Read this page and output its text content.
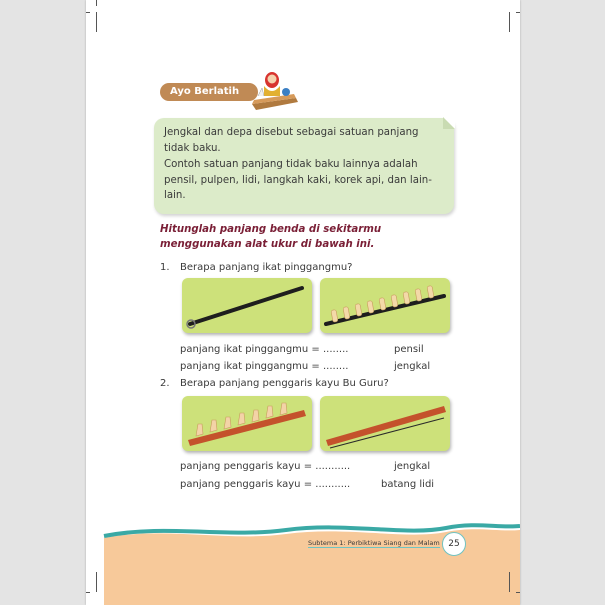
Ayo Berlatih

Jengkal dan depa disebut sebagai satuan panjang tidak baku.

Contoh satuan panjang tidak baku lainnya adalah pensil, pulpen, lidi, langkah kaki, korek api, dan lain-lain.

Hitunglah panjang benda di sekitarmu
menggunakan alat ukur di bawah ini.
1. Berapa panjang ikat pinggangmu?
panjang ikat pinggangmu = ........	pensil
panjang ikat pinggangmu = ........	jengkal
2. Berapa panjang penggaris kayu Bu Guru?
panjang penggaris kayu = ...........	jengkal
panjang penggaris kayu = ...........	batang lidi
Subtema 1: Perbiktiwa Siang dan Malam 25
